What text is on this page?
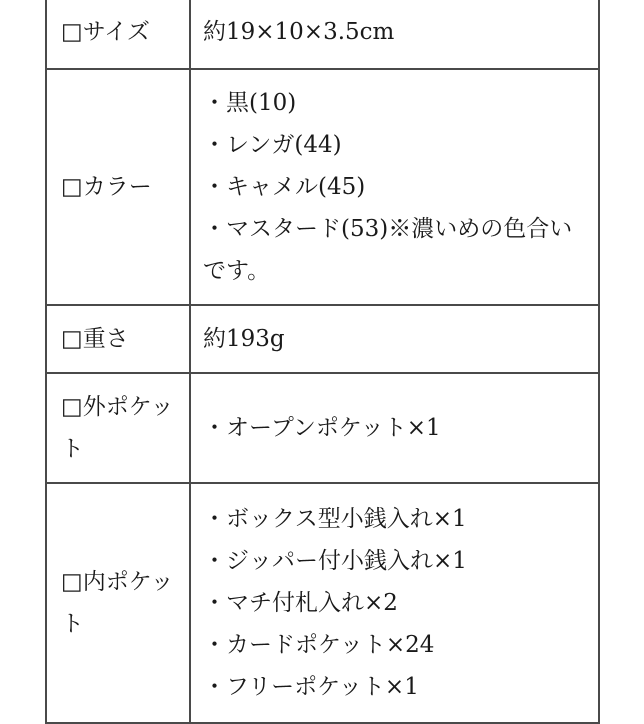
□サイズ	約19×10×3.5cm
□カラー	・黒(10)
・レンガ(44)
・キャメル(45)
・マスタード(53)※濃いめの色合いです。

□重さ	約193g
□外ポケット	・オープンポケット×1
□内ポケット	・ボックス型小銭入れ×1
・ジッパー付小銭入れ×1
・マチ付札入れ×2
・カードポケット×24
・フリーポケット×1
